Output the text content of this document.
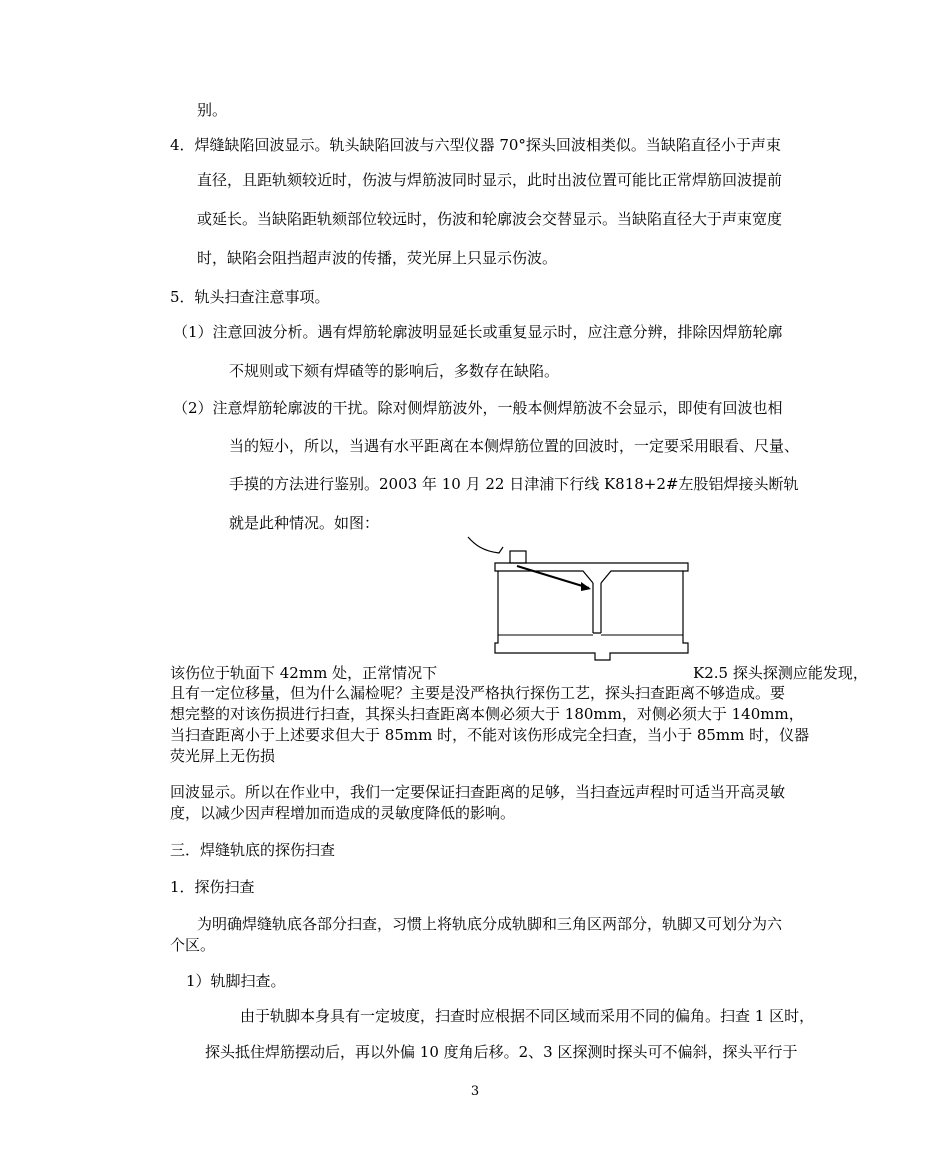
别。
4．焊缝缺陷回波显示。轨头缺陷回波与六型仪器 70°探头回波相类似。当缺陷直径小于声束
直径，且距轨颏较近时，伤波与焊筋波同时显示，此时出波位置可能比正常焊筋回波提前
或延长。当缺陷距轨颏部位较远时，伤波和轮廓波会交替显示。当缺陷直径大于声束宽度
时，缺陷会阻挡超声波的传播，荧光屏上只显示伤波。
5．轨头扫查注意事项。
（1）注意回波分析。遇有焊筋轮廓波明显延长或重复显示时，应注意分辨，排除因焊筋轮廓
不规则或下颏有焊碴等的影响后，多数存在缺陷。
（2）注意焊筋轮廓波的干扰。除对侧焊筋波外，一般本侧焊筋波不会显示，即使有回波也相
当的短小，所以，当遇有水平距离在本侧焊筋位置的回波时，一定要采用眼看、尺量、
手摸的方法进行鉴别。2003 年 10 月 22 日津浦下行线 K818+2#左股铝焊接头断轨
就是此种情况。如图：
该伤位于轨面下 42mm 处，正常情况下	K2.5 探头探测应能发现，
且有一定位移量，但为什么漏检呢？主要是没严格执行探伤工艺，探头扫查距离不够造成。要
想完整的对该伤损进行扫查，其探头扫查距离本侧必须大于 180mm，对侧必须大于 140mm，
当扫查距离小于上述要求但大于 85mm 时，不能对该伤形成完全扫查，当小于 85mm 时，仪器
荧光屏上无伤损
回波显示。所以在作业中，我们一定要保证扫查距离的足够，当扫查远声程时可适当开高灵敏
度，以减少因声程增加而造成的灵敏度降低的影响。
三．焊缝轨底的探伤扫查
1．探伤扫查
为明确焊缝轨底各部分扫查，习惯上将轨底分成轨脚和三角区两部分，轨脚又可划分为六
个区。
1）轨脚扫查。
由于轨脚本身具有一定坡度，扫查时应根据不同区域而采用不同的偏角。扫查 1 区时，
探头抵住焊筋摆动后，再以外偏 10 度角后移。2、3 区探测时探头可不偏斜，探头平行于
3
